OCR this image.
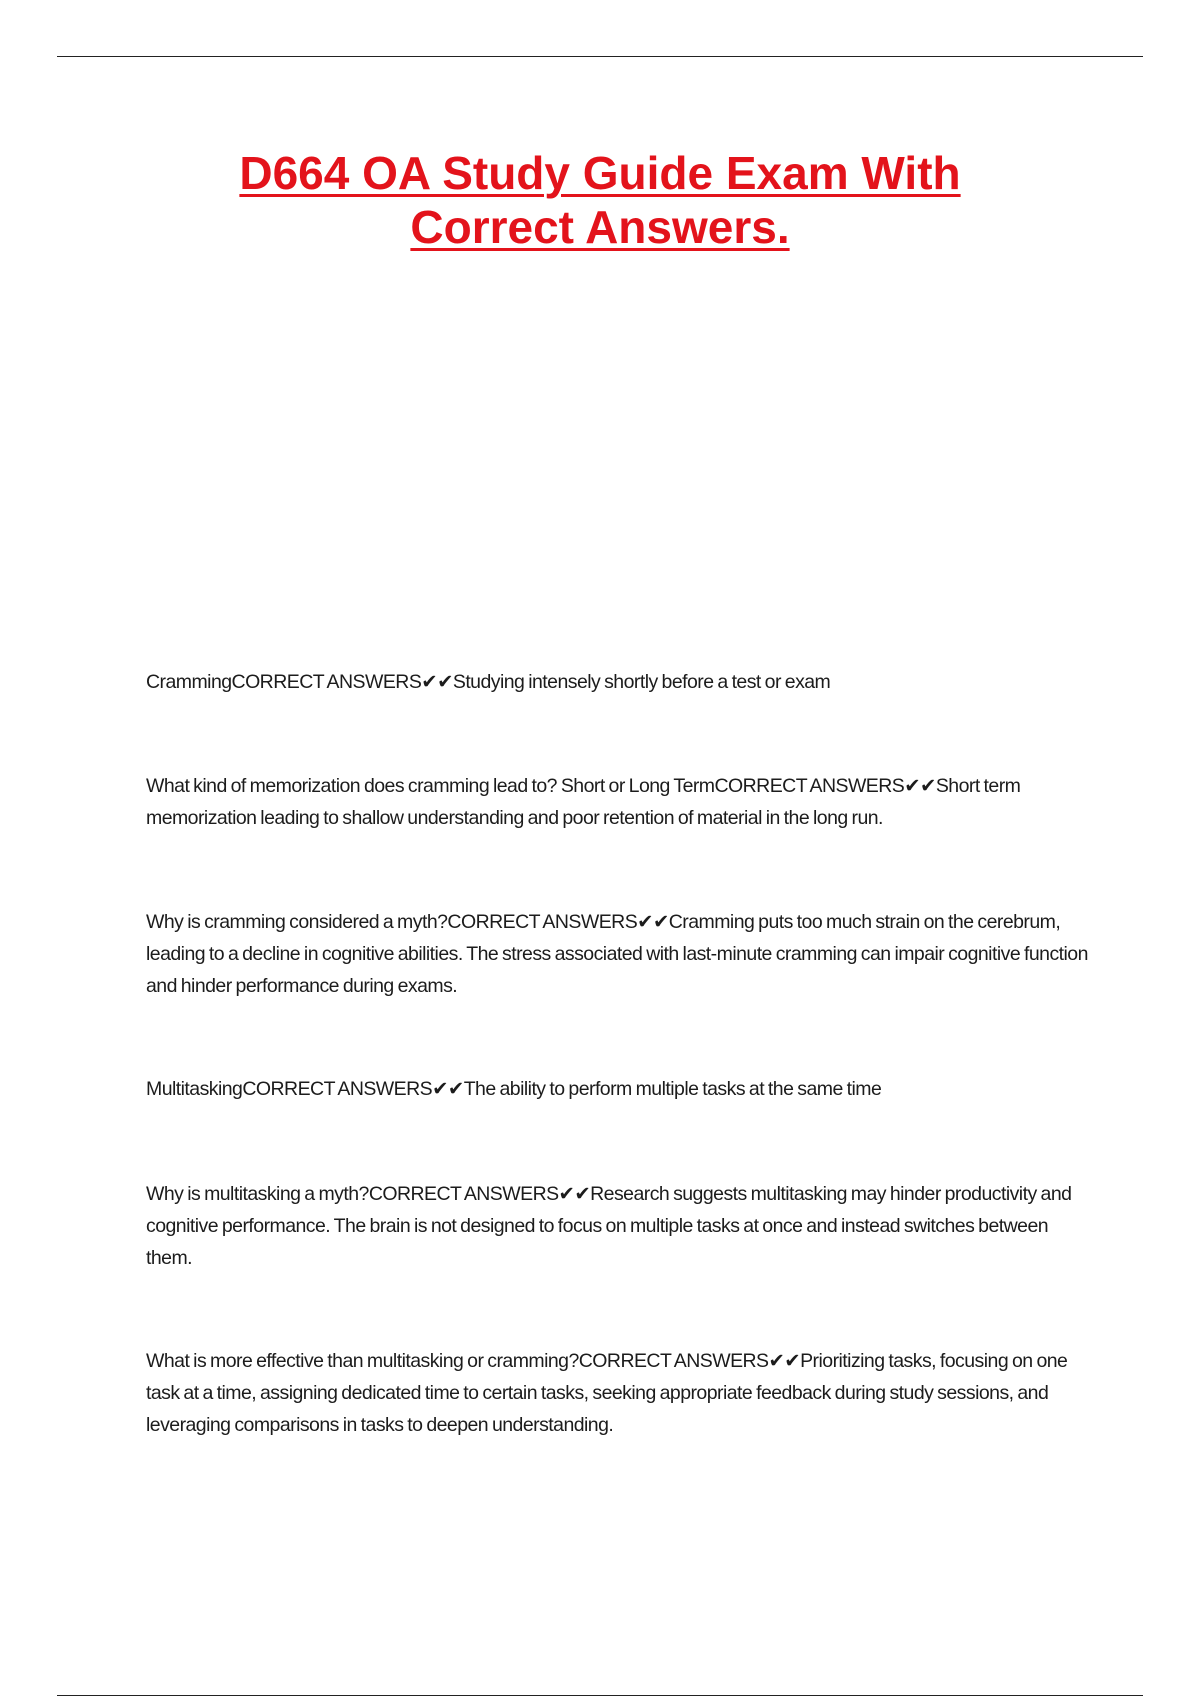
D664 OA Study Guide Exam With
Correct Answers.

CrammingCORRECT ANSWERS✔✔Studying intensely shortly before a test or exam

What kind of memorization does cramming lead to? Short or Long TermCORRECT ANSWERS✔✔Short term memorization leading to shallow understanding and poor retention of material in the long run.

Why is cramming considered a myth?CORRECT ANSWERS✔✔Cramming puts too much strain on the cerebrum, leading to a decline in cognitive abilities. The stress associated with last-minute cramming can impair cognitive function and hinder performance during exams.

MultitaskingCORRECT ANSWERS✔✔The ability to perform multiple tasks at the same time

Why is multitasking a myth?CORRECT ANSWERS✔✔Research suggests multitasking may hinder productivity and cognitive performance. The brain is not designed to focus on multiple tasks at once and instead switches between them.

What is more effective than multitasking or cramming?CORRECT ANSWERS✔✔Prioritizing tasks, focusing on one task at a time, assigning dedicated time to certain tasks, seeking appropriate feedback during study sessions, and leveraging comparisons in tasks to deepen understanding.
